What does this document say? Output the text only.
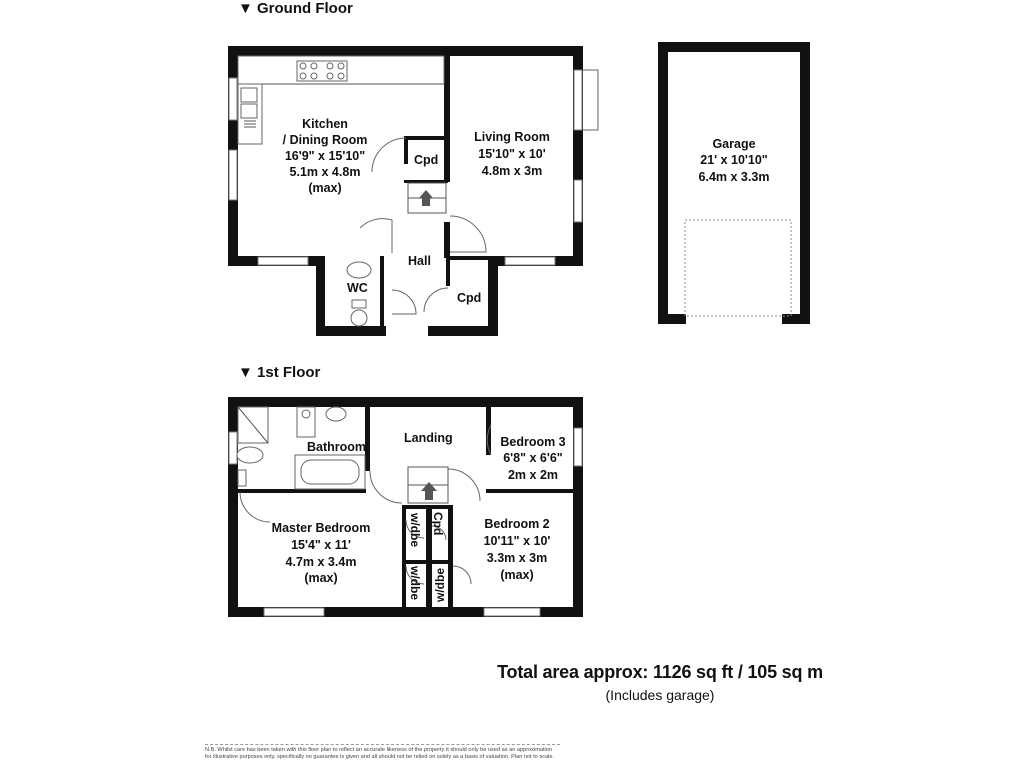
▼ Ground Floor
Kitchen
/ Dining Room
16'9" x 15'10"
5.1m x 4.8m
(max)
Living Room
15'10" x 10'
4.8m x 3m
Garage
21' x 10'10"
6.4m x 3.3m
Cpd
Cpd
Hall
WC
▼ 1st Floor
Bathroom
Landing	Bedroom 3
6'8" x 6'6"
2m x 2m
Master Bedroom
15'4" x 11'
4.7m x 3.4m
(max)
Bedroom 2
10'11" x 10'
3.3m x 3m
(max)
w/dbe
w/dbe
Cpd
w/dbe
Total area approx: 1126 sq ft / 105 sq m
(Includes garage)
N.B. Whilst care has been taken with this floor plan to reflect an accurate likeness of the property it should only be used as an approximation for illustrative purposes only, specifically no guarantee is given and all should not be relied on solely as a basis of valuation. Plan not to scale.
